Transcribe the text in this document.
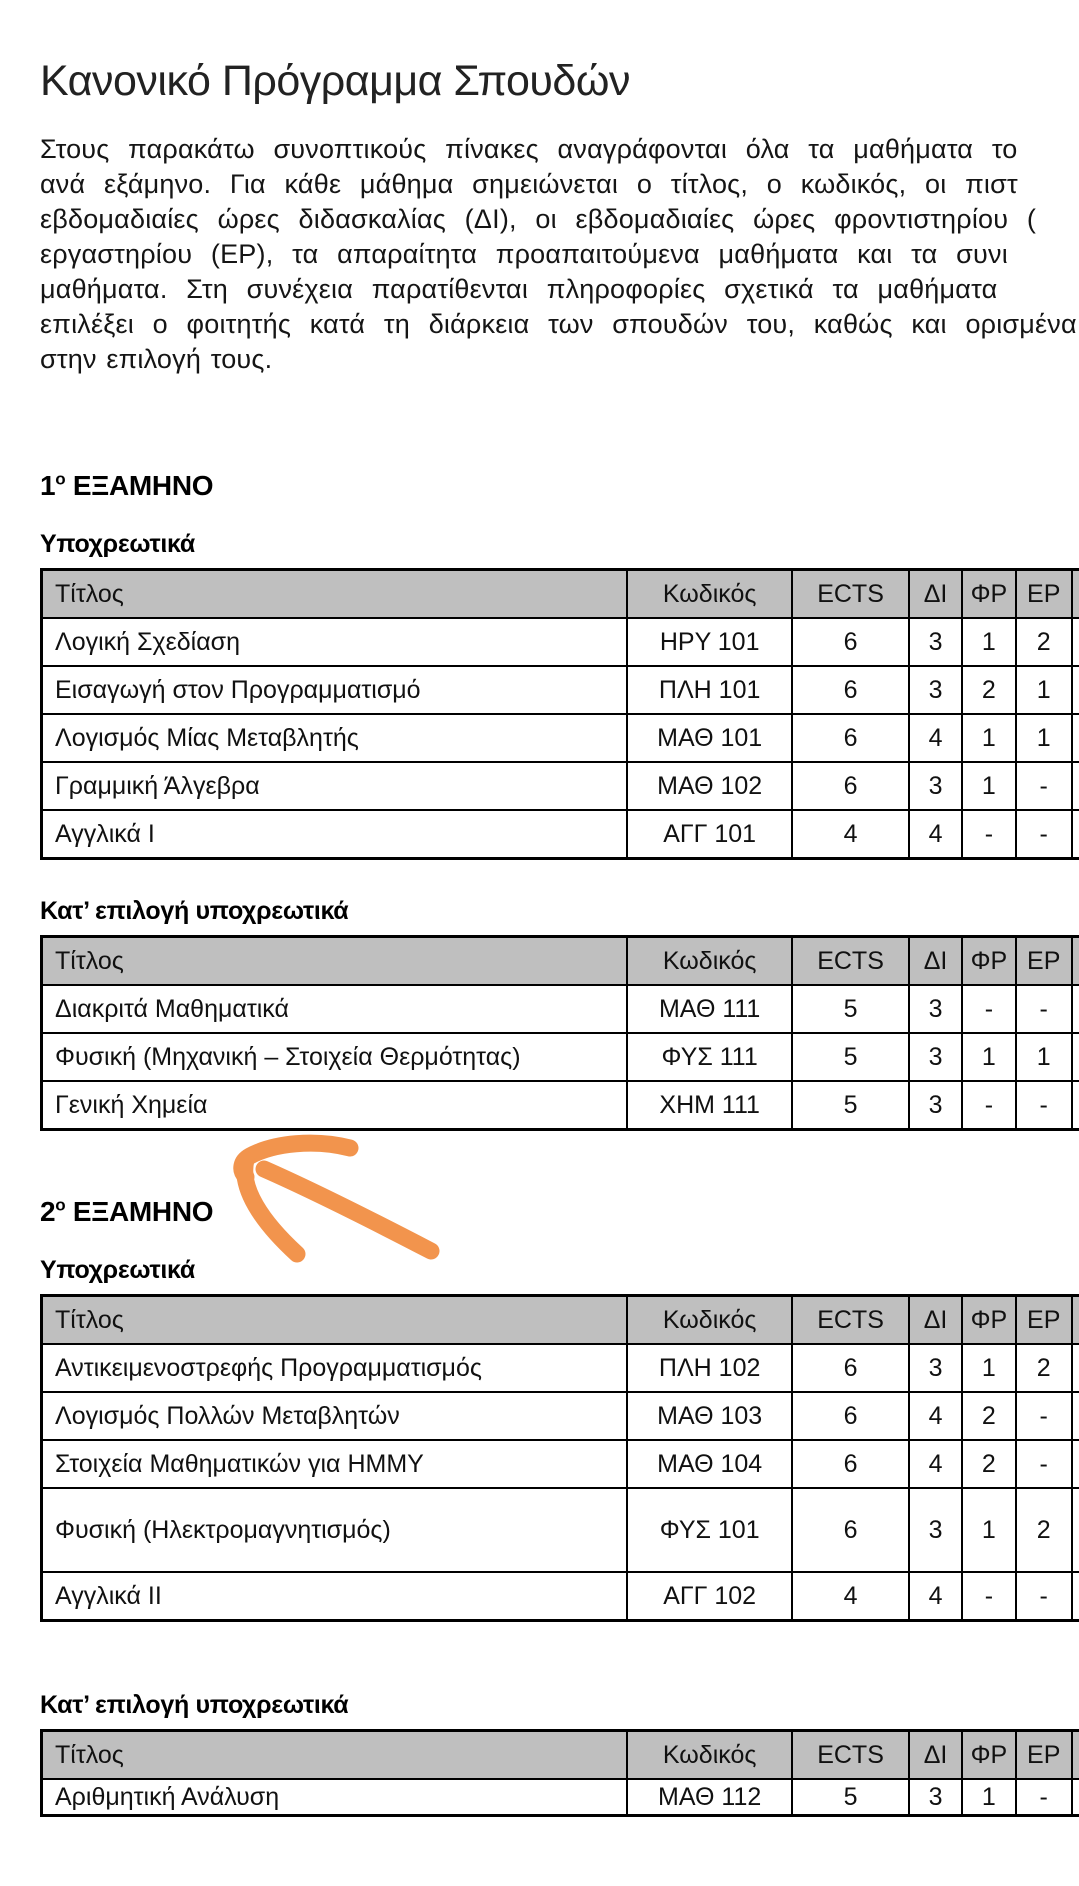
Κανονικό Πρόγραμμα Σπουδών
Στους παρακάτω συνοπτικούς πίνακες αναγράφονται όλα τα μαθήματα το
ανά εξάμηνο. Για κάθε μάθημα σημειώνεται ο τίτλος, ο κωδικός, οι πιστ
εβδομαδιαίες ώρες διδασκαλίας (ΔΙ), οι εβδομαδιαίες ώρες φροντιστηρίου (
εργαστηρίου (ΕΡ), τα απαραίτητα προαπαιτούμενα μαθήματα και τα συνι
μαθήματα. Στη συνέχεια παρατίθενται πληροφορίες σχετικά τα μαθήματα
επιλέξει ο φοιτητής κατά τη διάρκεια των σπουδών του, καθώς και ορισμένα
στην επιλογή τους.
$1^o$ ΕΞΑΜΗΝΟ
Υποχρεωτικά
Τίτλος	Κωδικός	ECTS	ΔΙ	ΦΡ	ΕΡ	
Λογική Σχεδίαση	ΗΡΥ 101	6	3	1	2	
Εισαγωγή στον Προγραμματισμό	ΠΛΗ 101	6	3	2	1	
Λογισμός Μίας Μεταβλητής	ΜΑΘ 101	6	4	1	1	
Γραμμική Άλγεβρα	ΜΑΘ 102	6	3	1	-	
Αγγλικά Ι	ΑΓΓ 101	4	4	-	-	
Κατ’ επιλογή υποχρεωτικά
Τίτλος	Κωδικός	ECTS	ΔΙ	ΦΡ	ΕΡ	
Διακριτά Μαθηματικά	ΜΑΘ 111	5	3	-	-	
Φυσική (Μηχανική – Στοιχεία Θερμότητας)	ΦΥΣ 111	5	3	1	1	
Γενική Χημεία	ΧΗΜ 111	5	3	-	-	
$2^o$ ΕΞΑΜΗΝΟ
Υποχρεωτικά
Τίτλος	Κωδικός	ECTS	ΔΙ	ΦΡ	ΕΡ	
Αντικειμενοστρεφής Προγραμματισμός	ΠΛΗ 102	6	3	1	2	
Λογισμός Πολλών Μεταβλητών	ΜΑΘ 103	6	4	2	-	
Στοιχεία Μαθηματικών για ΗΜΜΥ	ΜΑΘ 104	6	4	2	-	
Φυσική (Ηλεκτρομαγνητισμός)	ΦΥΣ 101	6	3	1	2	
Αγγλικά ΙΙ	ΑΓΓ 102	4	4	-	-	
Κατ’ επιλογή υποχρεωτικά
Τίτλος	Κωδικός	ECTS	ΔΙ	ΦΡ	ΕΡ	
Αριθμητική Ανάλυση	ΜΑΘ 112	5	3	1	-	
